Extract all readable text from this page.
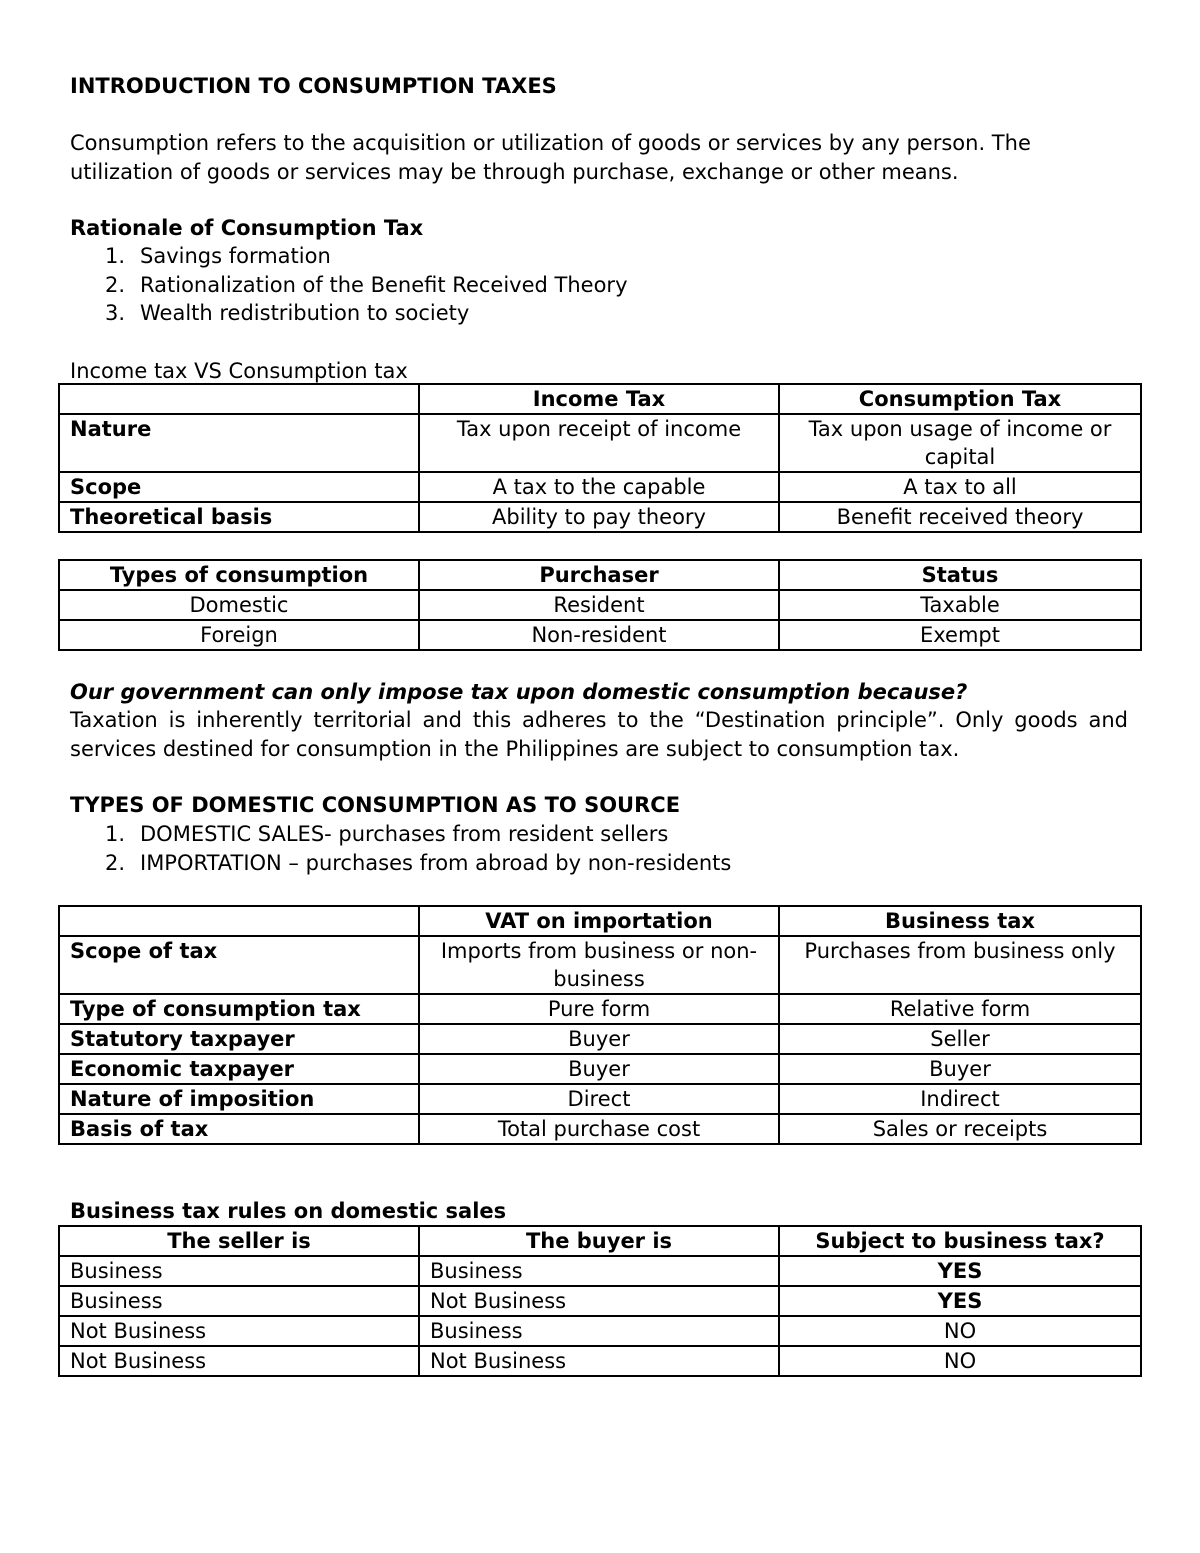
INTRODUCTION TO CONSUMPTION TAXES
Consumption refers to the acquisition or utilization of goods or services by any person. The utilization of goods or services may be through purchase, exchange or other means.
Rationale of Consumption Tax
1. Savings formation
2. Rationalization of the Benefit Received Theory
3. Wealth redistribution to society
Income tax VS Consumption tax
	Income Tax	Consumption Tax
Nature	Tax upon receipt of income	Tax upon usage of income or capital
Scope	A tax to the capable	A tax to all
Theoretical basis	Ability to pay theory	Benefit received theory
Types of consumption	Purchaser	Status
Domestic	Resident	Taxable
Foreign	Non-resident	Exempt
Our government can only impose tax upon domestic consumption because?
Taxation is inherently territorial and this adheres to the “Destination principle”. Only goods and services destined for consumption in the Philippines are subject to consumption tax.
TYPES OF DOMESTIC CONSUMPTION AS TO SOURCE
1. DOMESTIC SALES- purchases from resident sellers
2. IMPORTATION – purchases from abroad by non-residents
	VAT on importation	Business tax
Scope of tax	Imports from business or non-business	Purchases from business only
Type of consumption tax	Pure form	Relative form
Statutory taxpayer	Buyer	Seller
Economic taxpayer	Buyer	Buyer
Nature of imposition	Direct	Indirect
Basis of tax	Total purchase cost	Sales or receipts
Business tax rules on domestic sales
The seller is	The buyer is	Subject to business tax?
Business	Business	YES
Business	Not Business	YES
Not Business	Business	NO
Not Business	Not Business	NO
